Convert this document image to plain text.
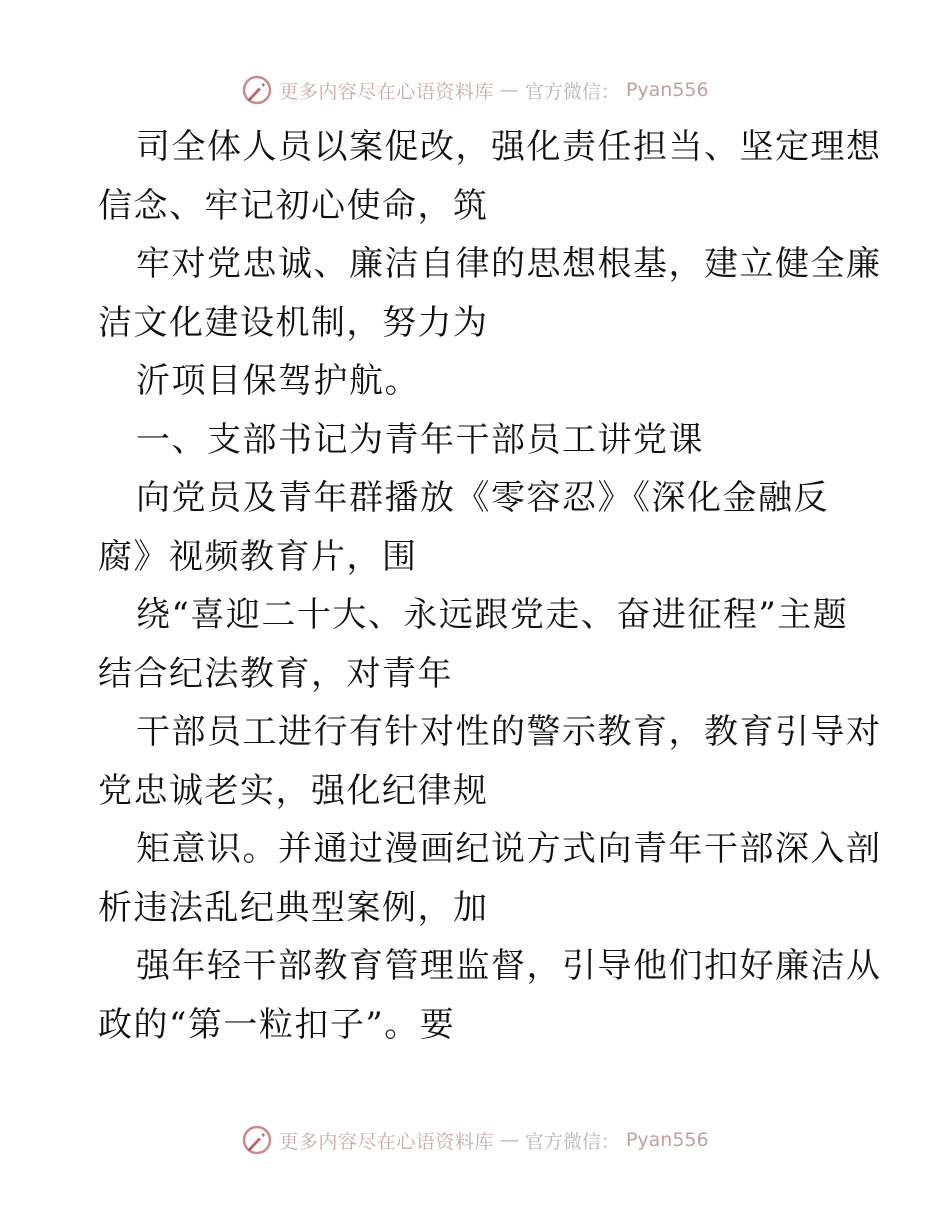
更多内容尽在心语资料库 — 官方微信： Pyan556
司全体人员以案促改，强化责任担当、坚定理想
信念、牢记初心使命，筑
牢对党忠诚、廉洁自律的思想根基，建立健全廉
洁文化建设机制，努力为
沂项目保驾护航。
一、支部书记为青年干部员工讲党课
向党员及青年群播放《零容忍》《深化金融反
腐》视频教育片，围
绕“喜迎二十大、永远跟党走、奋进征程”主题
结合纪法教育，对青年
干部员工进行有针对性的警示教育，教育引导对
党忠诚老实，强化纪律规
矩意识。并通过漫画纪说方式向青年干部深入剖
析违法乱纪典型案例，加
强年轻干部教育管理监督，引导他们扣好廉洁从
政的“第一粒扣子”。要
更多内容尽在心语资料库 — 官方微信： Pyan556
